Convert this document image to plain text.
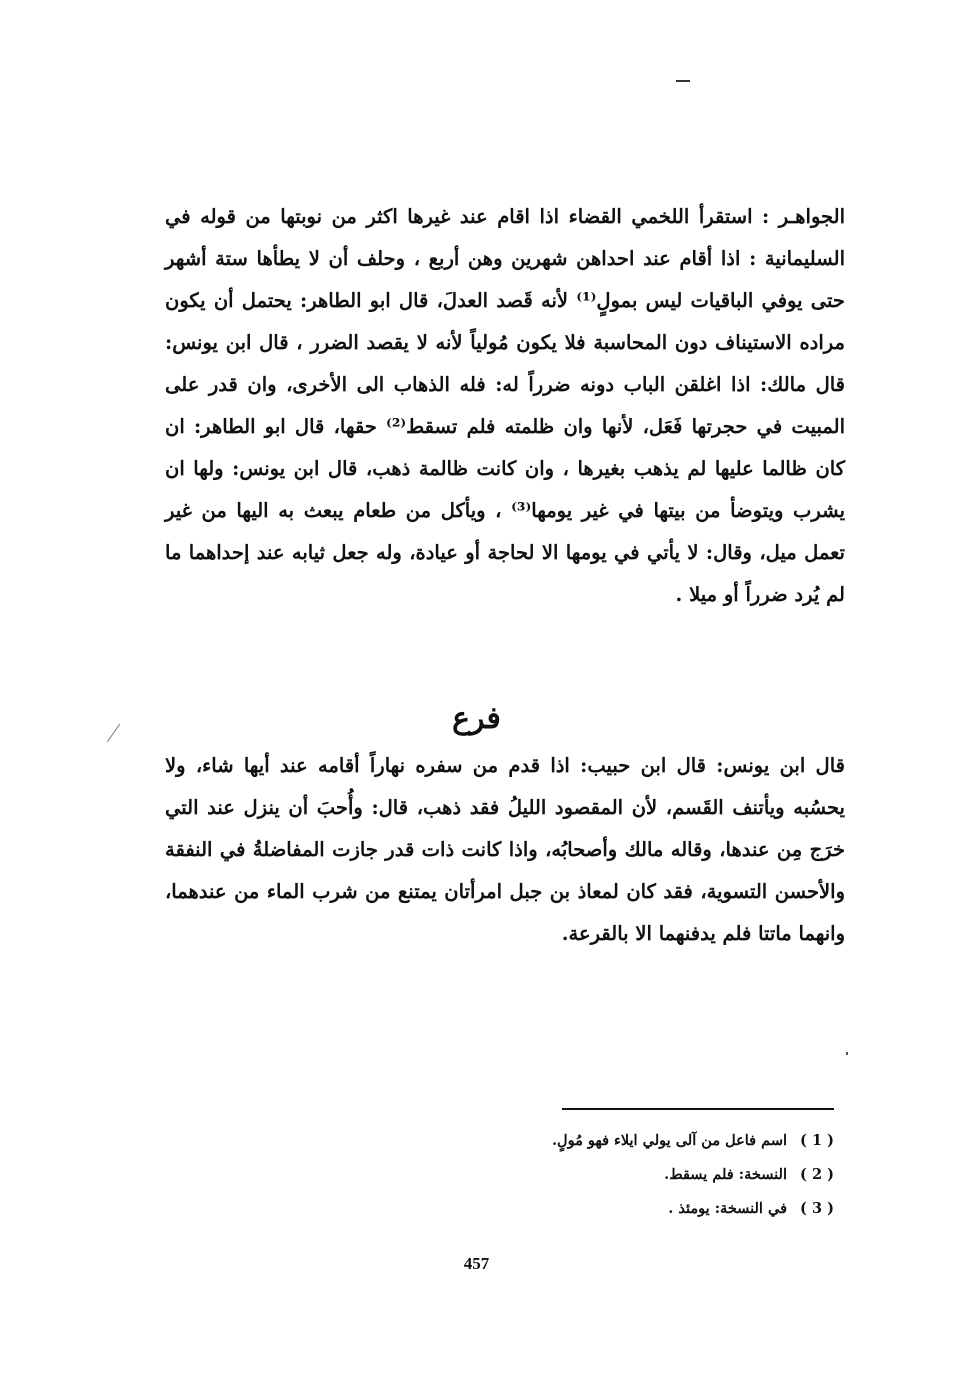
الجواهـر : استقرأ اللخمي القضاء اذا اقام عند غيرها اكثر من نوبتها من قوله في السليمانية : اذا أقام عند احداهن شهرين وهن أربع ، وحلف أن لا يطأها ستة أشهر حتى يوفي الباقيات ليس بمولٍ⁽¹⁾ لأنه قَصد العدلَ، قال ابو الطاهر: يحتمل أن يكون مراده الاستيناف دون المحاسبة فلا يكون مُولياً لأنه لا يقصد الضرر ، قال ابن يونس: قال مالك: اذا اغلقن الباب دونه ضرراً له: فله الذهاب الى الأخرى، وان قدر على المبيت في حجرتها فَعَل، لأنها وان ظلمته فلم تسقط⁽²⁾ حقها، قال ابو الطاهر: ان كان ظالما عليها لم يذهب بغيرها ، وان كانت ظالمة ذهب، قال ابن يونس: ولها ان يشرب ويتوضأ من بيتها في غير يومها⁽³⁾ ، ويأكل من طعام يبعث به اليها من غير تعمل ميل، وقال: لا يأتي في يومها الا لحاجة أو عيادة، وله جعل ثيابه عند إحداهما ما لم يُرد ضرراً أو ميلا .
فرع
قال ابن يونس: قال ابن حبيب: اذا قدم من سفره نهاراً أقامه عند أيها شاء، ولا يحسُبه ويأتنف القَسم، لأن المقصود الليلُ فقد ذهب، قال: وأُحبَ أن ينزل عند التي خرَج مِن عندها، وقاله مالك وأصحابُه، واذا كانت ذات قدر جازت المفاضلةُ في النفقة والأحسن التسوية، فقد كان لمعاذ بن جبل امرأتان يمتنع من شرب الماء من عندهما، وانهما ماتتا فلم يدفنهما الا بالقرعة.
( 1 )
اسم فاعل من آلى يولي ايلاء فهو مُولٍ.
( 2 )
النسخة: فلم يسقط.
( 3 )
في النسخة: يومئذ .
457
